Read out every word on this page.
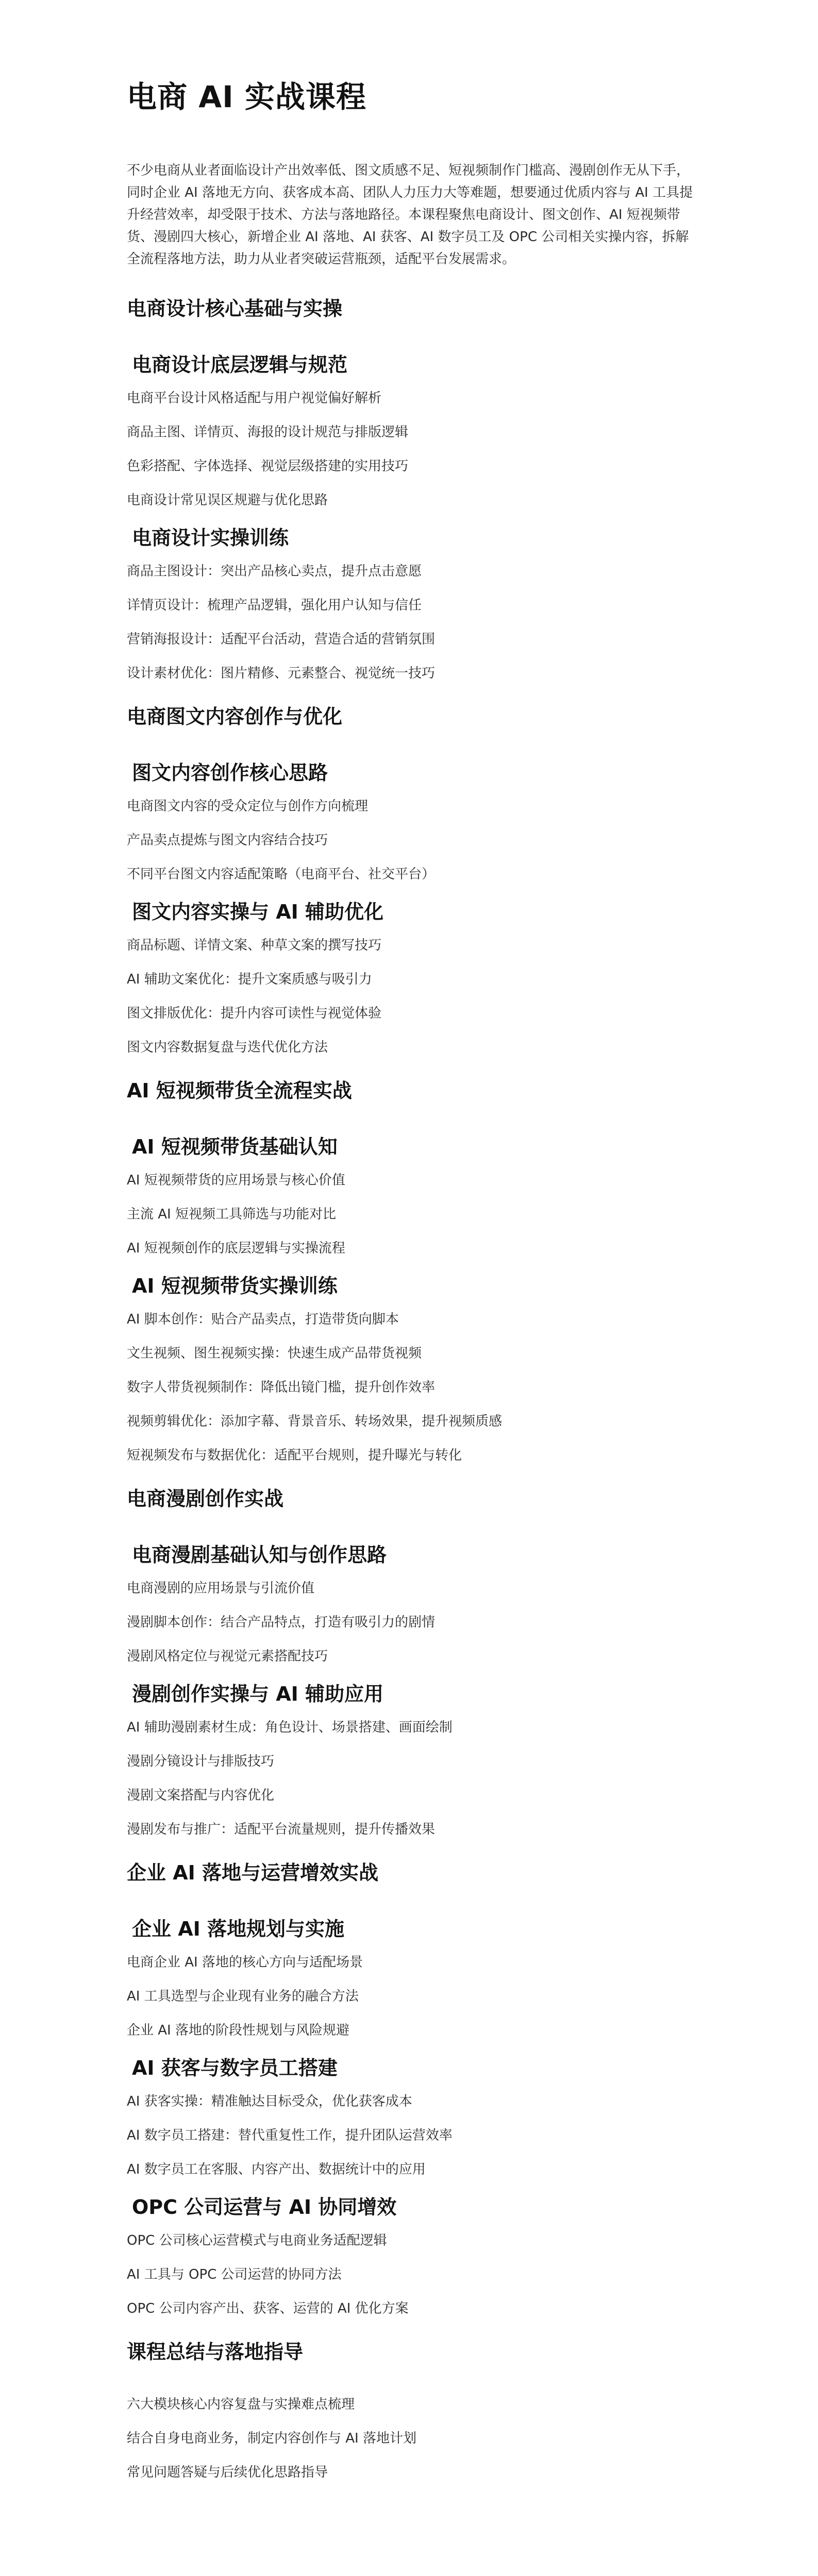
电商 AI 实战课程

不少电商从业者面临设计产出效率低、图文质感不足、短视频制作门槛高、漫剧创作无从下手，同时企业 AI 落地无方向、获客成本高、团队人力压力大等难题，想要通过优质内容与 AI 工具提升经营效率，却受限于技术、方法与落地路径。本课程聚焦电商设计、图文创作、AI 短视频带货、漫剧四大核心，新增企业 AI 落地、AI 获客、AI 数字员工及 OPC 公司相关实操内容，拆解全流程落地方法，助力从业者突破运营瓶颈，适配平台发展需求。

电商设计核心基础与实操
电商设计底层逻辑与规范

电商平台设计风格适配与用户视觉偏好解析

商品主图、详情页、海报的设计规范与排版逻辑

色彩搭配、字体选择、视觉层级搭建的实用技巧

电商设计常见误区规避与优化思路

电商设计实操训练

商品主图设计：突出产品核心卖点，提升点击意愿

详情页设计：梳理产品逻辑，强化用户认知与信任

营销海报设计：适配平台活动，营造合适的营销氛围

设计素材优化：图片精修、元素整合、视觉统一技巧

电商图文内容创作与优化
图文内容创作核心思路

电商图文内容的受众定位与创作方向梳理

产品卖点提炼与图文内容结合技巧

不同平台图文内容适配策略（电商平台、社交平台）

图文内容实操与 AI 辅助优化

商品标题、详情文案、种草文案的撰写技巧

AI 辅助文案优化：提升文案质感与吸引力

图文排版优化：提升内容可读性与视觉体验

图文内容数据复盘与迭代优化方法

AI 短视频带货全流程实战
AI 短视频带货基础认知

AI 短视频带货的应用场景与核心价值

主流 AI 短视频工具筛选与功能对比

AI 短视频创作的底层逻辑与实操流程

AI 短视频带货实操训练

AI 脚本创作：贴合产品卖点，打造带货向脚本

文生视频、图生视频实操：快速生成产品带货视频

数字人带货视频制作：降低出镜门槛，提升创作效率

视频剪辑优化：添加字幕、背景音乐、转场效果，提升视频质感

短视频发布与数据优化：适配平台规则，提升曝光与转化

电商漫剧创作实战
电商漫剧基础认知与创作思路

电商漫剧的应用场景与引流价值

漫剧脚本创作：结合产品特点，打造有吸引力的剧情

漫剧风格定位与视觉元素搭配技巧

漫剧创作实操与 AI 辅助应用

AI 辅助漫剧素材生成：角色设计、场景搭建、画面绘制

漫剧分镜设计与排版技巧

漫剧文案搭配与内容优化

漫剧发布与推广：适配平台流量规则，提升传播效果

企业 AI 落地与运营增效实战
企业 AI 落地规划与实施

电商企业 AI 落地的核心方向与适配场景

AI 工具选型与企业现有业务的融合方法

企业 AI 落地的阶段性规划与风险规避

AI 获客与数字员工搭建

AI 获客实操：精准触达目标受众，优化获客成本

AI 数字员工搭建：替代重复性工作，提升团队运营效率

AI 数字员工在客服、内容产出、数据统计中的应用

OPC 公司运营与 AI 协同增效

OPC 公司核心运营模式与电商业务适配逻辑

AI 工具与 OPC 公司运营的协同方法

OPC 公司内容产出、获客、运营的 AI 优化方案

课程总结与落地指导

六大模块核心内容复盘与实操难点梳理

结合自身电商业务，制定内容创作与 AI 落地计划

常见问题答疑与后续优化思路指导
